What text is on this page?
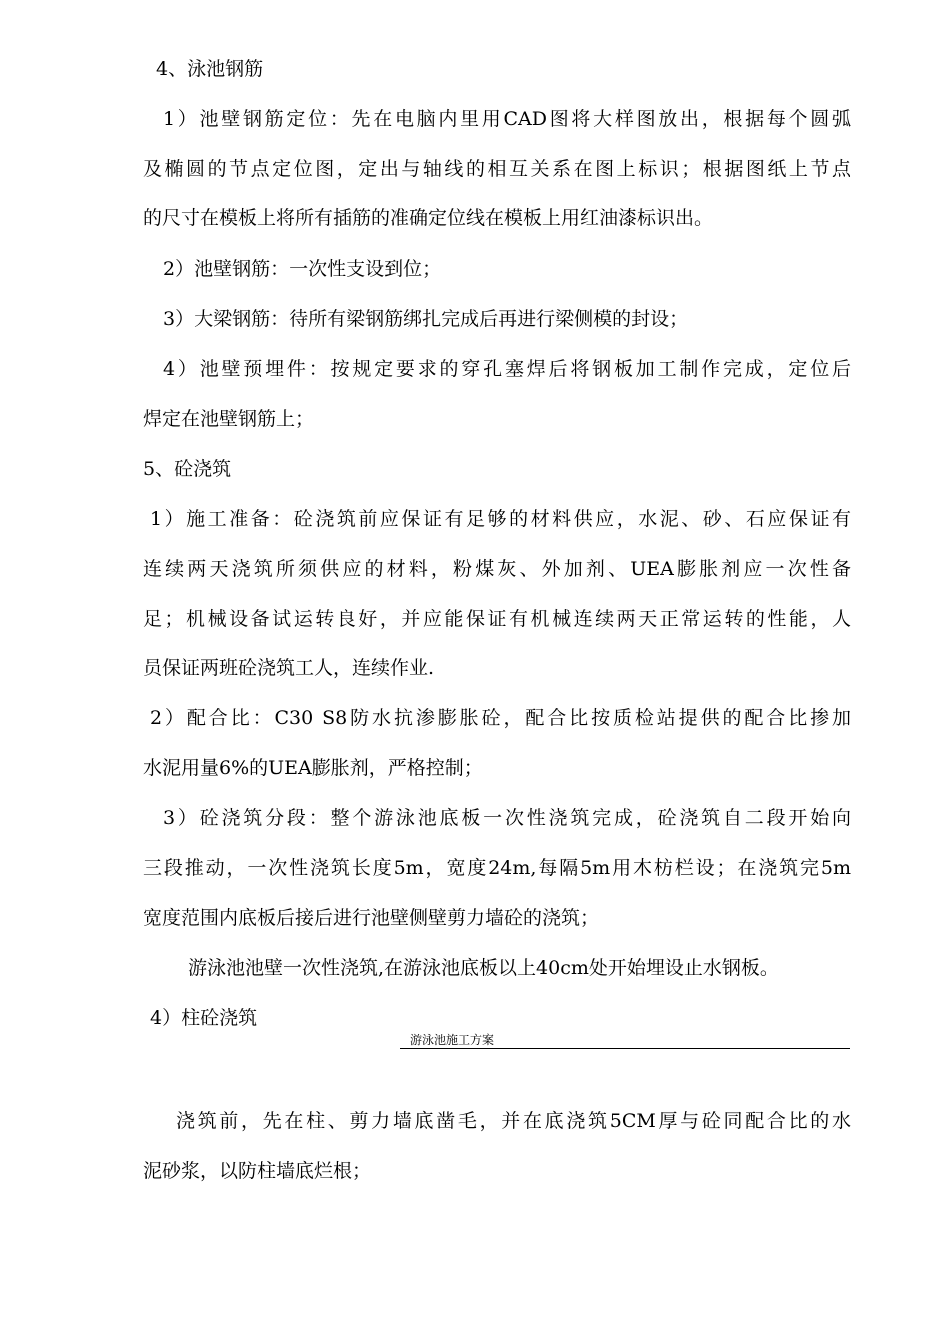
4、泳池钢筋
1）池壁钢筋定位：先在电脑内里用CAD图将大样图放出，根据每个圆弧
及椭圆的节点定位图，定出与轴线的相互关系在图上标识；根据图纸上节点
的尺寸在模板上将所有插筋的准确定位线在模板上用红油漆标识出。
2）池壁钢筋：一次性支设到位；
3）大梁钢筋：待所有梁钢筋绑扎完成后再进行梁侧模的封设；
4）池壁预埋件：按规定要求的穿孔塞焊后将钢板加工制作完成，定位后
焊定在池壁钢筋上；
5、砼浇筑
1）施工准备：砼浇筑前应保证有足够的材料供应，水泥、砂、石应保证有
连续两天浇筑所须供应的材料，粉煤灰、外加剂、UEA膨胀剂应一次性备
足；机械设备试运转良好，并应能保证有机械连续两天正常运转的性能，人
员保证两班砼浇筑工人，连续作业.
2）配合比：C30 S8防水抗渗膨胀砼，配合比按质检站提供的配合比掺加
水泥用量6%的UEA膨胀剂，严格控制；
3）砼浇筑分段：整个游泳池底板一次性浇筑完成，砼浇筑自二段开始向
三段推动，一次性浇筑长度5m，宽度24m,每隔5m用木枋栏设；在浇筑完5m
宽度范围内底板后接后进行池壁侧壁剪力墙砼的浇筑；
游泳池池壁一次性浇筑,在游泳池底板以上40cm处开始埋设止水钢板。
4）柱砼浇筑
游泳池施工方案
浇筑前，先在柱、剪力墙底凿毛，并在底浇筑5CM厚与砼同配合比的水
泥砂浆，以防柱墙底烂根；
